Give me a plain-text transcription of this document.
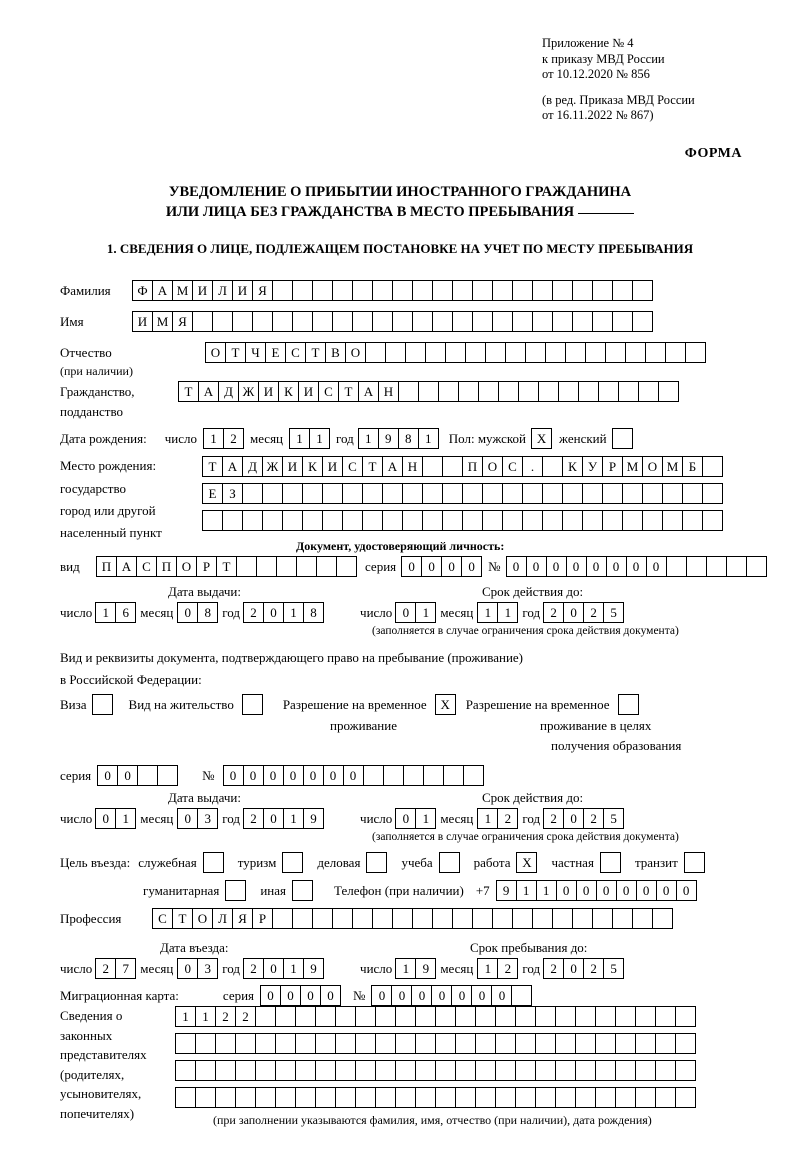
Приложение № 4
к приказу МВД России
от 10.12.2020 № 856
(в ред. Приказа МВД России
от 16.11.2022 № 867)
ФОРМА
УВЕДОМЛЕНИЕ О ПРИБЫТИИ ИНОСТРАННОГО ГРАЖДАНИНА
ИЛИ ЛИЦА БЕЗ ГРАЖДАНСТВА В МЕСТО ПРЕБЫВАНИЯ
1. СВЕДЕНИЯ О ЛИЦЕ, ПОДЛЕЖАЩЕМ ПОСТАНОВКЕ НА УЧЕТ ПО МЕСТУ ПРЕБЫВАНИЯ
Фамилия	Ф А М И Л И Я
Имя	И М Я
Отчество	О Т Ч Е С Т В О
(при наличии)
Гражданство,	Т А Д Ж И К И С Т А Н
подданство
Дата рождения: число	1	2	месяц	1	1	год 1	9	8	1	Пол: мужской X женский
Место рождения:
государство
город или другой
населенный пункт
Т А Д Ж И К И С Т А Н	П О С	.	К У Р М О М Б
Е З
Документ, удостоверяющий личность:
вид	П А С П О Р Т	серия 0	0	0	0	№ 0	0	0	0	0	0	0	0
Дата выдачи:	Срок действия до:
число 1	6 месяц 0	8 год 2	0	1	8	число 0	1 месяц 1	1 год 2	0	2	5
(заполняется в случае ограничения срока действия документа)
Вид и реквизиты документа, подтверждающего право на пребывание (проживание)
в Российской Федерации:
Виза	Вид на жительство	Разрешение на временное	X	Разрешение на временное
проживание	проживание в целях
получения образования
серия	0	0	№	0	0	0	0	0	0	0
Дата выдачи:	Срок действия до:
число 0	1 месяц 0	3 год 2	0	1	9	число 0	1 месяц 1	2 год 2	0	2	5
(заполняется в случае ограничения срока действия документа)
Цель въезда: служебная	туризм	деловая	учеба	работа X	частная	транзит
гуманитарная	иная	Телефон (при наличии) +7	9	1	1	0	0	0	0	0	0	0
Профессия	С Т О Л Я Р
Дата въезда:	Срок пребывания до:
число 2	7 месяц 0	3 год 2	0	1	9	число 1	9 месяц 1	2 год 2	0	2	5
Миграционная карта:	серия	0	0	0	0	№	0	0	0	0	0	0	0
Сведения о
законных
представителях
(родителях,
усыновителях,
попечителях)
1	1	2	2
(при заполнении указываются фамилия, имя, отчество (при наличии), дата рождения)
